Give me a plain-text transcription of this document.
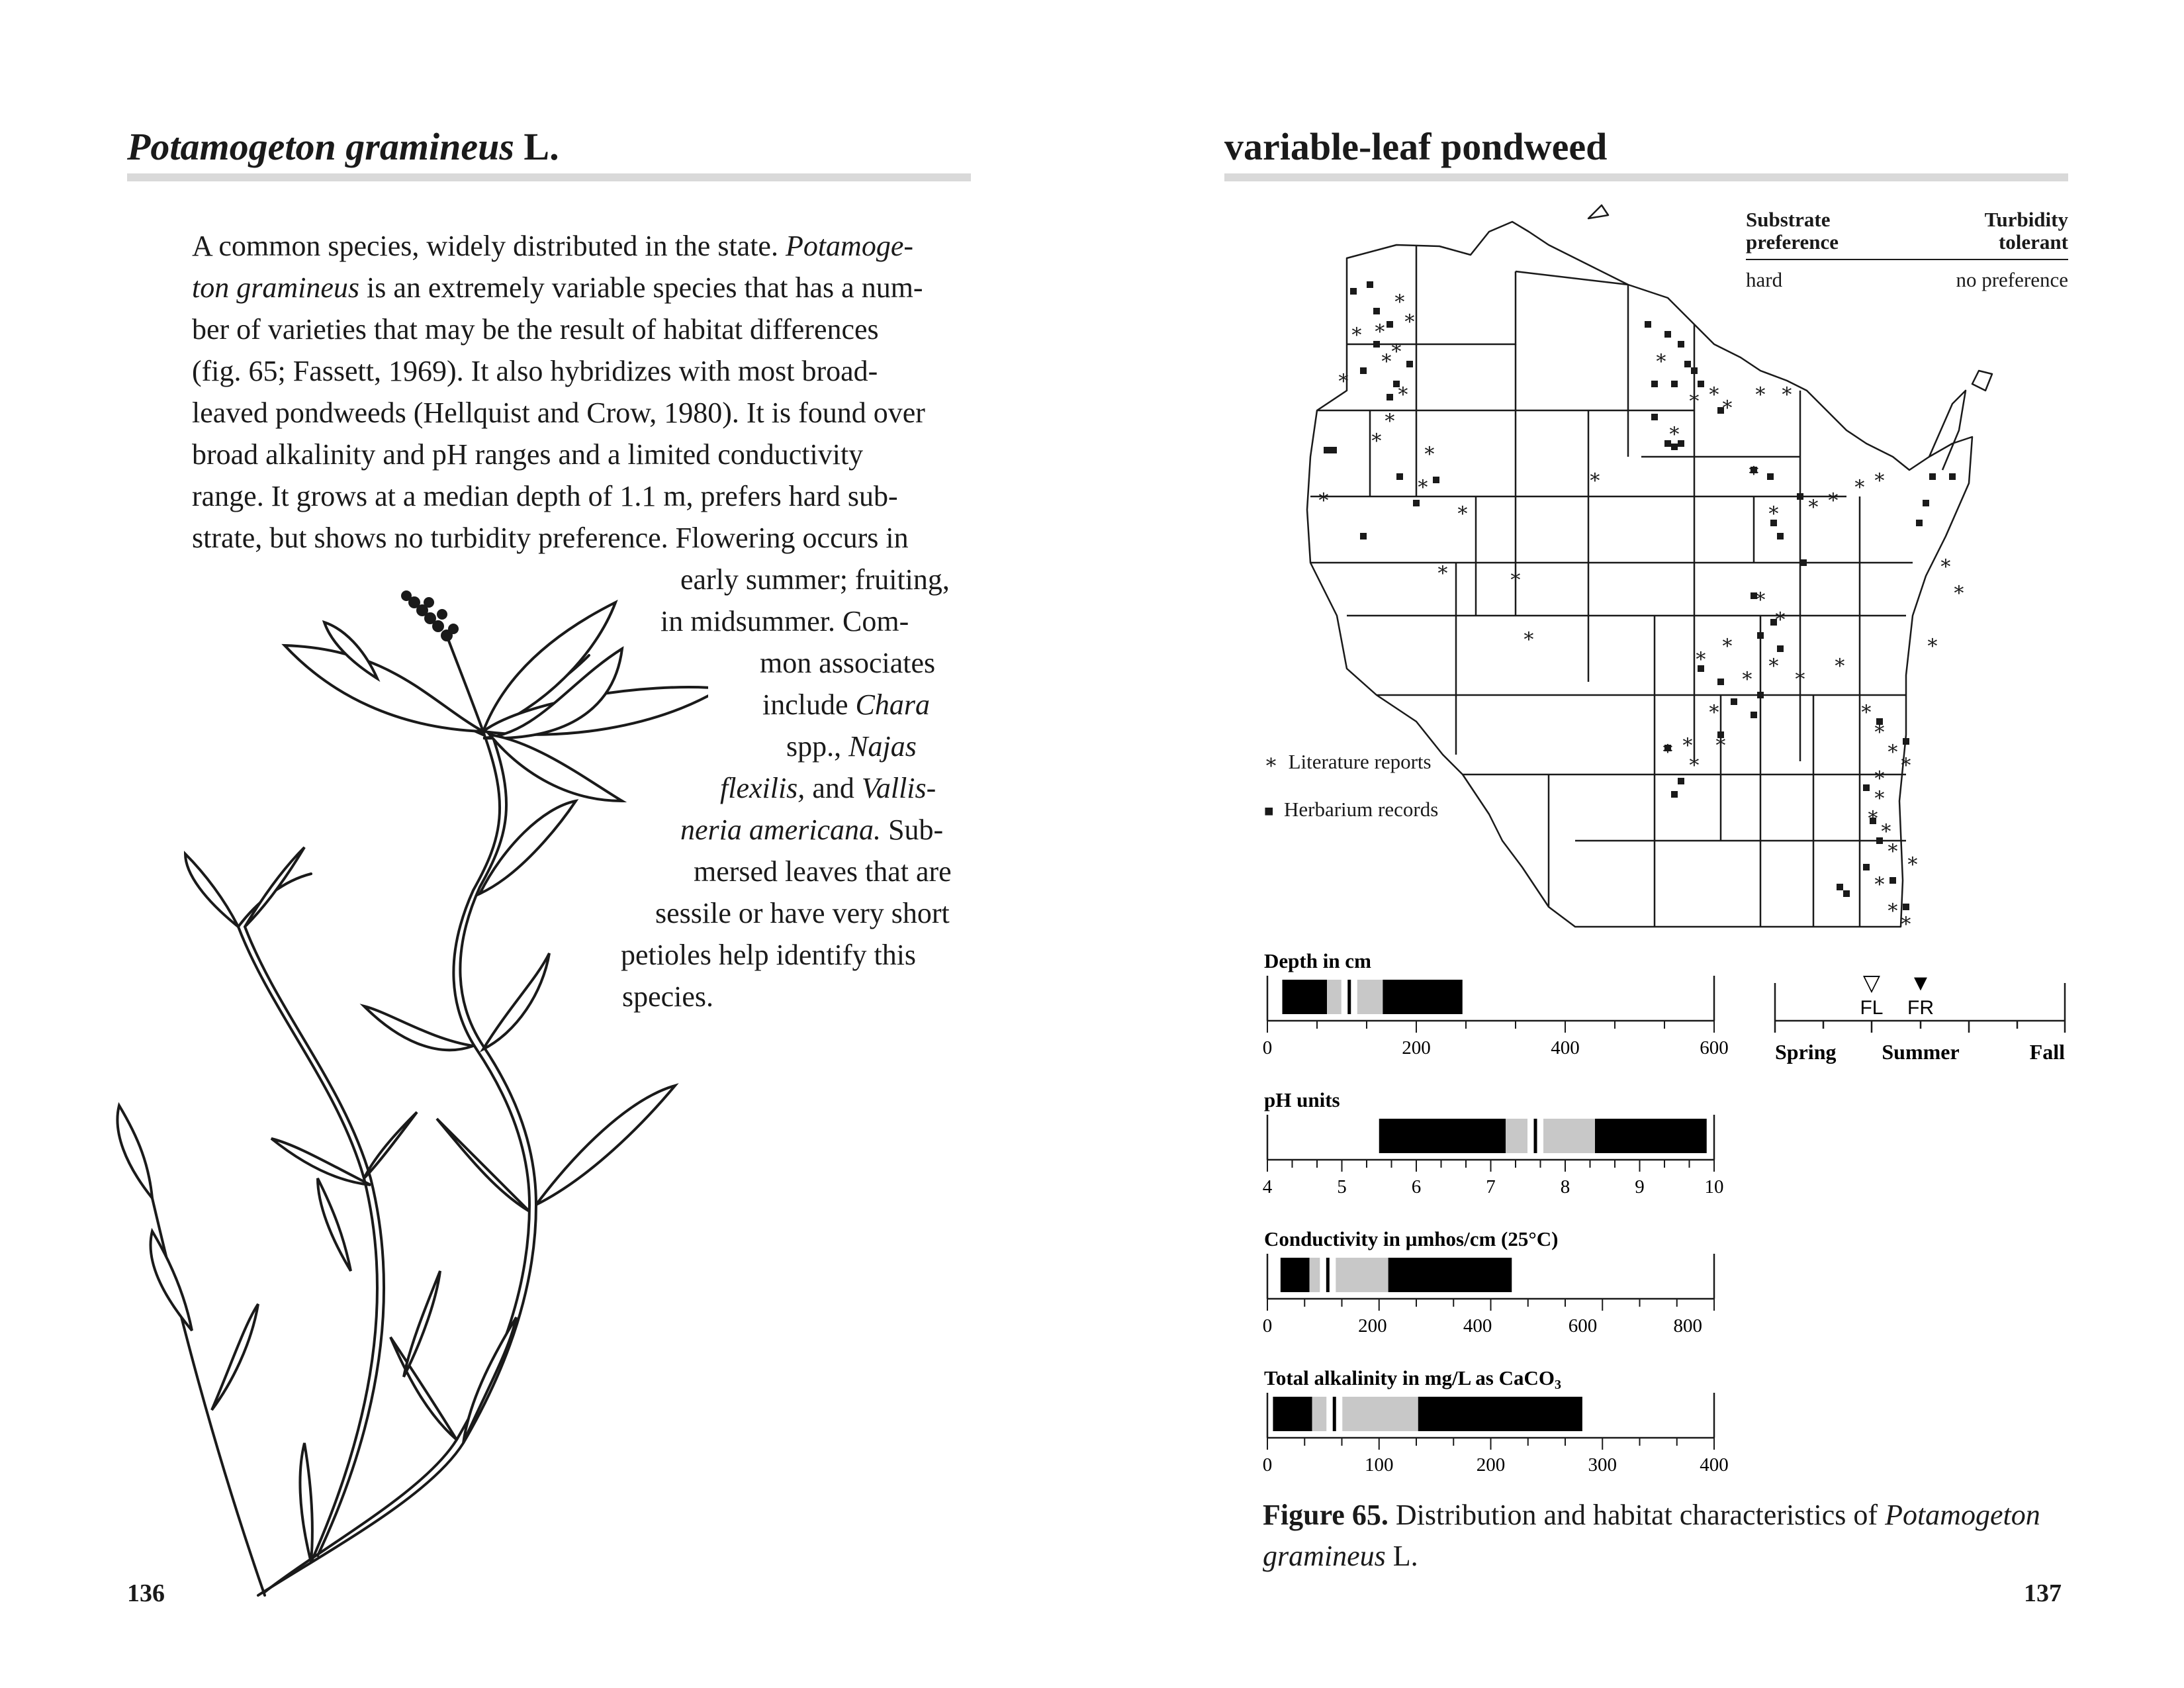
Potamogeton gramineus L.
A common species, widely distributed in the state. Potamoge-
ton gramineus is an extremely variable species that has a num-
ber of varieties that may be the result of habitat differences
(fig. 65; Fassett, 1969). It also hybridizes with most broad-
leaved pondweeds (Hellquist and Crow, 1980). It is found over
broad alkalinity and pH ranges and a limited conductivity
range. It grows at a median depth of 1.1 m, prefers hard sub-
strate, but shows no turbidity preference. Flowering occurs in
early summer; fruiting,
in midsummer. Com-
mon associates
include Chara
spp., Najas
flexilis, and Vallis-
neria americana. Sub-
mersed leaves that are
sessile or have very short
petioles help identify this
species.
136
variable-leaf pondweed
Substrate
preference
Turbidity
tolerant
hard	no preference
∗ ∗
∗
∗
∗
∗
∗
∗
∗
∗
∗
∗
∗
∗
∗
∗
∗ ∗
∗ ∗
∗
∗
∗
∗
∗ ∗ ∗
∗ ∗
∗
∗
∗
∗
∗
∗
∗
∗
∗
∗
∗
∗
∗
∗
∗
∗
∗
∗
∗
∗
∗
∗
∗
∗
∗
∗
∗
∗
∗
∗
∗
∗ Literature reports
■ Herbarium records
Depth in cm
0	200	400	600
pH units
4	5	6	7	8	9	10
Conductivity in µmhos/cm (25°C)
0	200	400	600	800
Total alkalinity in mg/L as CaCO3
0	100	200	300	400
▽
FL
▼
FR
Spring Summer	Fall
Figure 65. Distribution and habitat characteristics of Potamogeton
gramineus L.
137
